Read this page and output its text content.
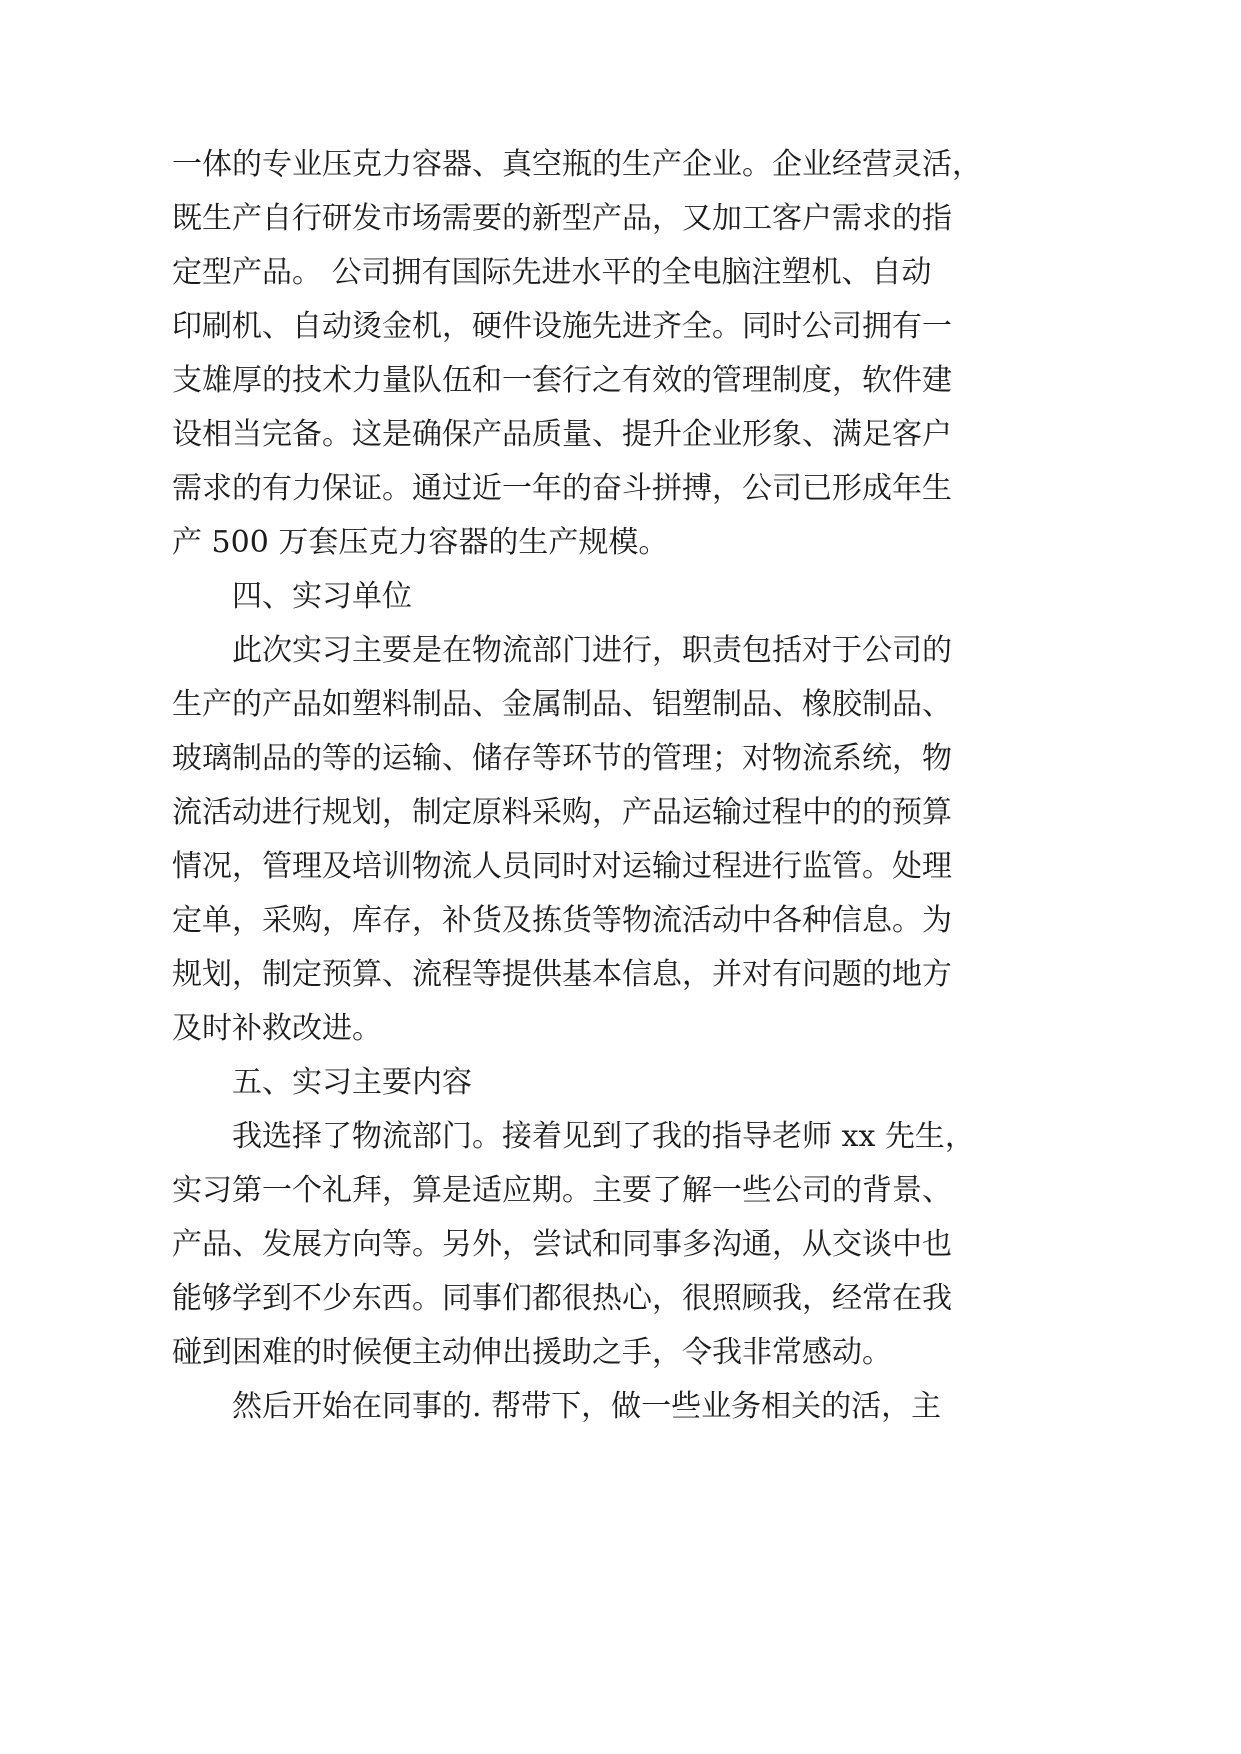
一体的专业压克力容器、真空瓶的生产企业。企业经营灵活，
既生产自行研发市场需要的新型产品，又加工客户需求的指
定型产品。 公司拥有国际先进水平的全电脑注塑机、自动
印刷机、自动烫金机，硬件设施先进齐全。同时公司拥有一
支雄厚的技术力量队伍和一套行之有效的管理制度，软件建
设相当完备。这是确保产品质量、提升企业形象、满足客户
需求的有力保证。通过近一年的奋斗拼搏，公司已形成年生
产 500 万套压克力容器的生产规模。
四、实习单位
此次实习主要是在物流部门进行，职责包括对于公司的
生产的产品如塑料制品、金属制品、铝塑制品、橡胶制品、
玻璃制品的等的运输、储存等环节的管理；对物流系统，物
流活动进行规划，制定原料采购，产品运输过程中的的预算
情况，管理及培训物流人员同时对运输过程进行监管。处理
定单，采购，库存，补货及拣货等物流活动中各种信息。为
规划，制定预算、流程等提供基本信息，并对有问题的地方
及时补救改进。
五、实习主要内容
我选择了物流部门。接着见到了我的指导老师 xx 先生，
实习第一个礼拜，算是适应期。主要了解一些公司的背景、
产品、发展方向等。另外，尝试和同事多沟通，从交谈中也
能够学到不少东西。同事们都很热心，很照顾我，经常在我
碰到困难的时候便主动伸出援助之手，令我非常感动。
然后开始在同事的. 帮带下，做一些业务相关的活，主
